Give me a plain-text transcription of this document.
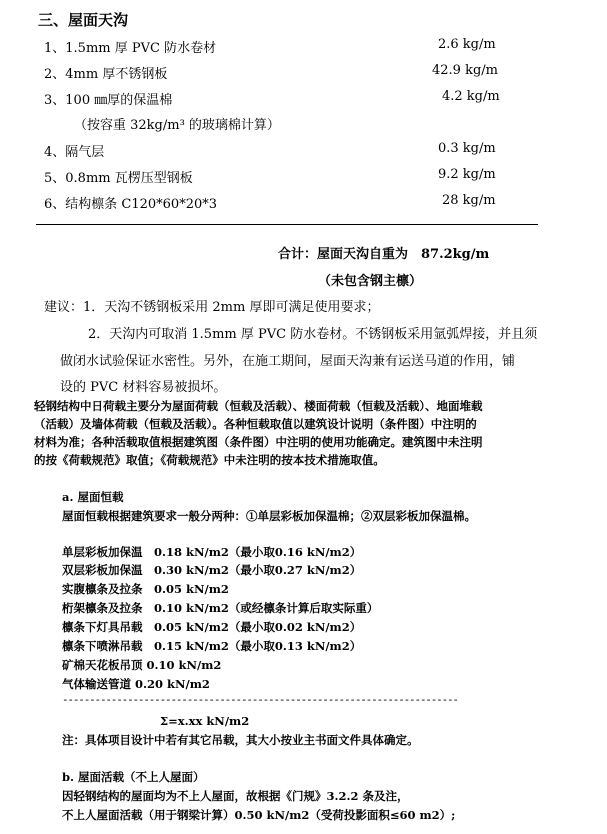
三、屋面天沟
1、1.5mm 厚 PVC 防水卷材	2.6 kg/m
2、4mm 厚不锈钢板	42.9 kg/m
3、100 ㎜厚的保温棉	4.2 kg/m
（按容重 32kg/m³ 的玻璃棉计算）
4、隔气层	0.3 kg/m
5、0.8mm 瓦楞压型钢板	9.2 kg/m
6、结构檩条 C120*60*20*3	28 kg/m
合计：屋面天沟自重为　87.2kg/m
（未包含钢主檩）
建议：1．天沟不锈钢板采用 2mm 厚即可满足使用要求；
2．天沟内可取消 1.5mm 厚 PVC 防水卷材。不锈钢板采用氩弧焊接，并且须
做闭水试验保证水密性。另外，在施工期间，屋面天沟兼有运送马道的作用，铺
设的 PVC 材料容易被损坏。
轻钢结构中日荷载主要分为屋面荷载（恒载及活载）、楼面荷载（恒载及活载）、地面堆载
（活载）及墙体荷载（恒载及活载）。各种恒载取值以建筑设计说明（条件图）中注明的
材料为准；各种活载取值根据建筑图（条件图）中注明的使用功能确定。建筑图中未注明
的按《荷载规范》取值；《荷载规范》中未注明的按本技术措施取值。
a. 屋面恒载
屋面恒载根据建筑要求一般分两种：①单层彩板加保温棉；②双层彩板加保温棉。
单层彩板加保温　0.18 kN/m2（最小取0.16 kN/m2）
双层彩板加保温　0.30 kN/m2（最小取0.27 kN/m2）
实腹檩条及拉条　0.05 kN/m2
桁架檩条及拉条　0.10 kN/m2（或经檩条计算后取实际重）
檩条下灯具吊载　0.05 kN/m2（最小取0.02 kN/m2）
檩条下喷淋吊载　0.15 kN/m2（最小取0.13 kN/m2）
矿棉天花板吊顶 0.10 kN/m2
气体输送管道 0.20 kN/m2
-------------------------------------------------------------------------
Σ=x.xx kN/m2
注：具体项目设计中若有其它吊载，其大小按业主书面文件具体确定。
b. 屋面活载（不上人屋面）
因轻钢结构的屋面均为不上人屋面，故根据《门规》3.2.2 条及注，
不上人屋面活载（用于钢梁计算）0.50 kN/m2（受荷投影面积≤60 m2）;
